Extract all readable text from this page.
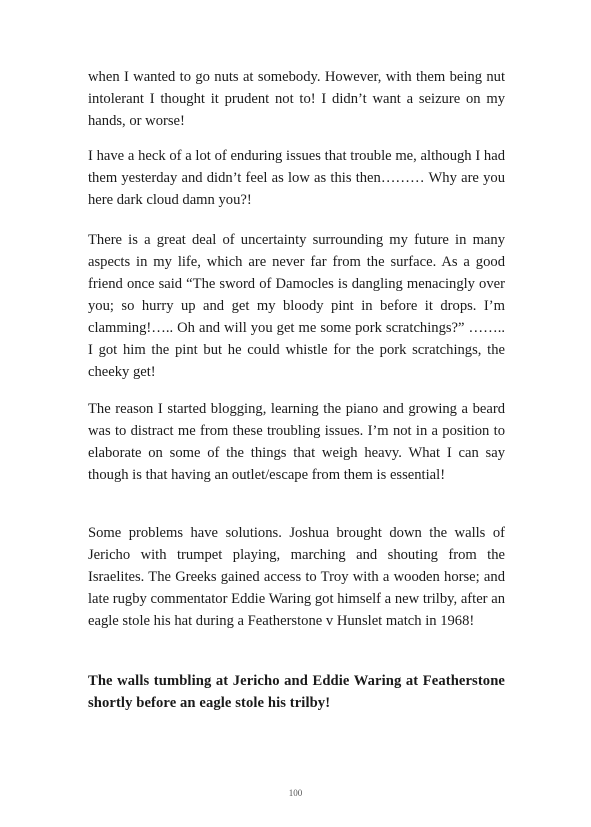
when I wanted to go nuts at somebody. However, with them being nut intolerant I thought it prudent not to! I didn’t want a seizure on my hands, or worse!

I have a heck of a lot of enduring issues that trouble me, although I had them yesterday and didn’t feel as low as this then……… Why are you here dark cloud damn you?!

There is a great deal of uncertainty surrounding my future in many aspects in my life, which are never far from the surface. As a good friend once said “The sword of Damocles is dangling menacingly over you; so hurry up and get my bloody pint in before it drops. I’m clamming!….. Oh and will you get me some pork scratchings?” …….. I got him the pint but he could whistle for the pork scratchings, the cheeky get!

The reason I started blogging, learning the piano and growing a beard was to distract me from these troubling issues. I’m not in a position to elaborate on some of the things that weigh heavy. What I can say though is that having an outlet/escape from them is essential!

Some problems have solutions. Joshua brought down the walls of Jericho with trumpet playing, marching and shouting from the Israelites. The Greeks gained access to Troy with a wooden horse; and late rugby commentator Eddie Waring got himself a new trilby, after an eagle stole his hat during a Featherstone v Hunslet match in 1968!

The walls tumbling at Jericho and Eddie Waring at Featherstone shortly before an eagle stole his trilby!

100
